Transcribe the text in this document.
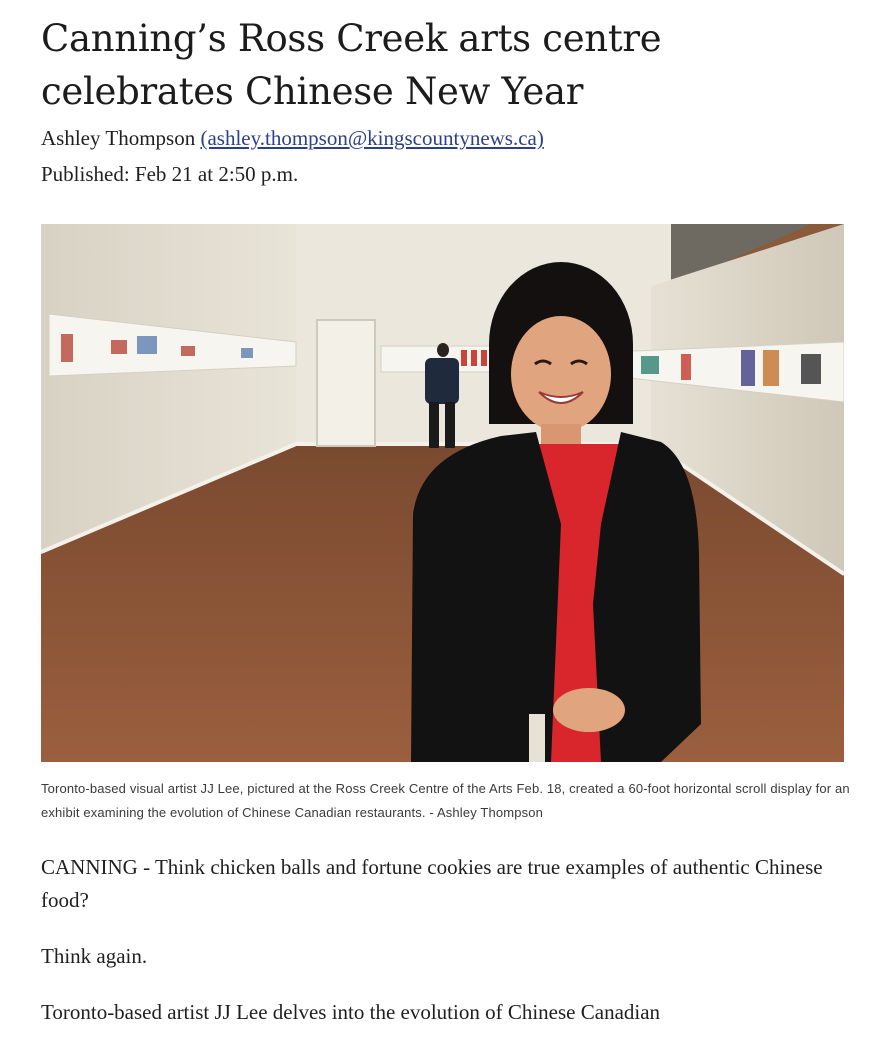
Canning’s Ross Creek arts centre celebrates Chinese New Year

Ashley Thompson (ashley.thompson@kingscountynews.ca)

Published: Feb 21 at 2:50 p.m.

Toronto-based visual artist JJ Lee, pictured at the Ross Creek Centre of the Arts Feb. 18, created a 60-foot horizontal scroll display for an exhibit examining the evolution of Chinese Canadian restaurants. - Ashley Thompson

CANNING - Think chicken balls and fortune cookies are true examples of authentic Chinese food?

Think again.

Toronto-based artist JJ Lee delves into the evolution of Chinese Canadian
